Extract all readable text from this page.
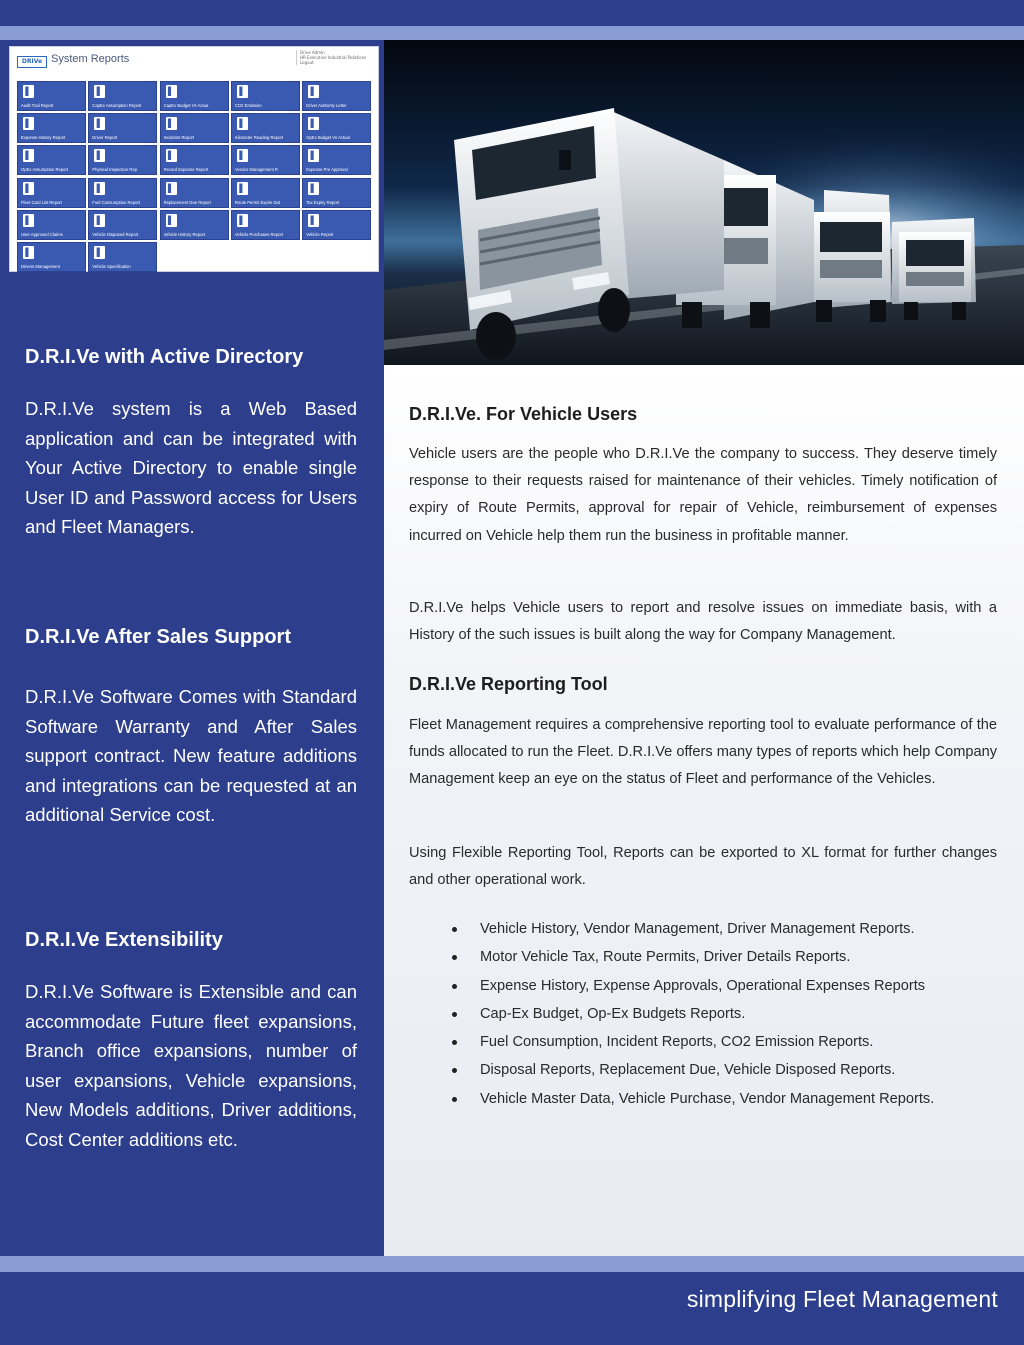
DRIVe System Reports
Drive Admin
HR Executive Industrial Relations
Logout
▌
Audit Trail Report
▌
CapEx Assumption Report
▌
CapEx Budget Vs Actua
▌
CO2 Emission
▌
Driver Authority Letter
▌
Expense History Report
▌
Driver Report
▌
Incidents Report
▌
Kilometer Reading Report
▌
OpEx Budget Vs Actual
▌
OpEx Assumption Report
▌
Physical Inspection Rep
▌
Record Expense Report
▌
Vendor Management R
▌
Expense Pre Approval
▌
Fleet Card List Report
▌
Fuel Consumption Report
▌
Replacement Due Report
▌
Route Permit Expire Dat
▌
Tax Expiry Report
▌
User Approved Claims
▌
Vehicle Disposed Report
▌
Vehicle History Report
▌
Vehicle Purchases Report
▌
Vehicle Report
▌
Drivers Management
▌
Vehicle Specification
D.R.I.Ve with Active Directory

D.R.I.Ve system is a Web Based application and can be integrated with Your Active Directory to enable single User ID and Password access for Users and Fleet Managers.

D.R.I.Ve After Sales Support

D.R.I.Ve Software Comes with Standard Software Warranty and After Sales support contract. New feature additions and integrations can be requested at an additional Service cost.

D.R.I.Ve Extensibility

D.R.I.Ve Software is Extensible and can accommodate Future fleet expansions, Branch office expansions, number of user expansions, Vehicle expansions, New Models additions, Driver additions, Cost Center additions etc.

D.R.I.Ve. For Vehicle Users

Vehicle users are the people who D.R.I.Ve the company to success. They deserve timely response to their requests raised for maintenance of their vehicles. Timely notification of expiry of Route Permits, approval for repair of Vehicle, reimbursement of expenses incurred on Vehicle help them run the business in profitable manner.

D.R.I.Ve helps Vehicle users to report and resolve issues on immediate basis, with a History of the such issues is built along the way for Company Management.

D.R.I.Ve Reporting Tool

Fleet Management requires a comprehensive reporting tool to evaluate performance of the funds allocated to run the Fleet. D.R.I.Ve offers many types of reports which help Company Management keep an eye on the status of Fleet and performance of the Vehicles.

Using Flexible Reporting Tool, Reports can be exported to XL format for further changes and other operational work.

Vehicle History, Vendor Management, Driver Management Reports.
Motor Vehicle Tax, Route Permits, Driver Details Reports.
Expense History, Expense Approvals, Operational Expenses Reports
Cap-Ex Budget, Op-Ex Budgets Reports.
Fuel Consumption, Incident Reports, CO2 Emission Reports.
Disposal Reports, Replacement Due, Vehicle Disposed Reports.
Vehicle Master Data, Vehicle Purchase, Vendor Management Reports.
simplifying Fleet Management
